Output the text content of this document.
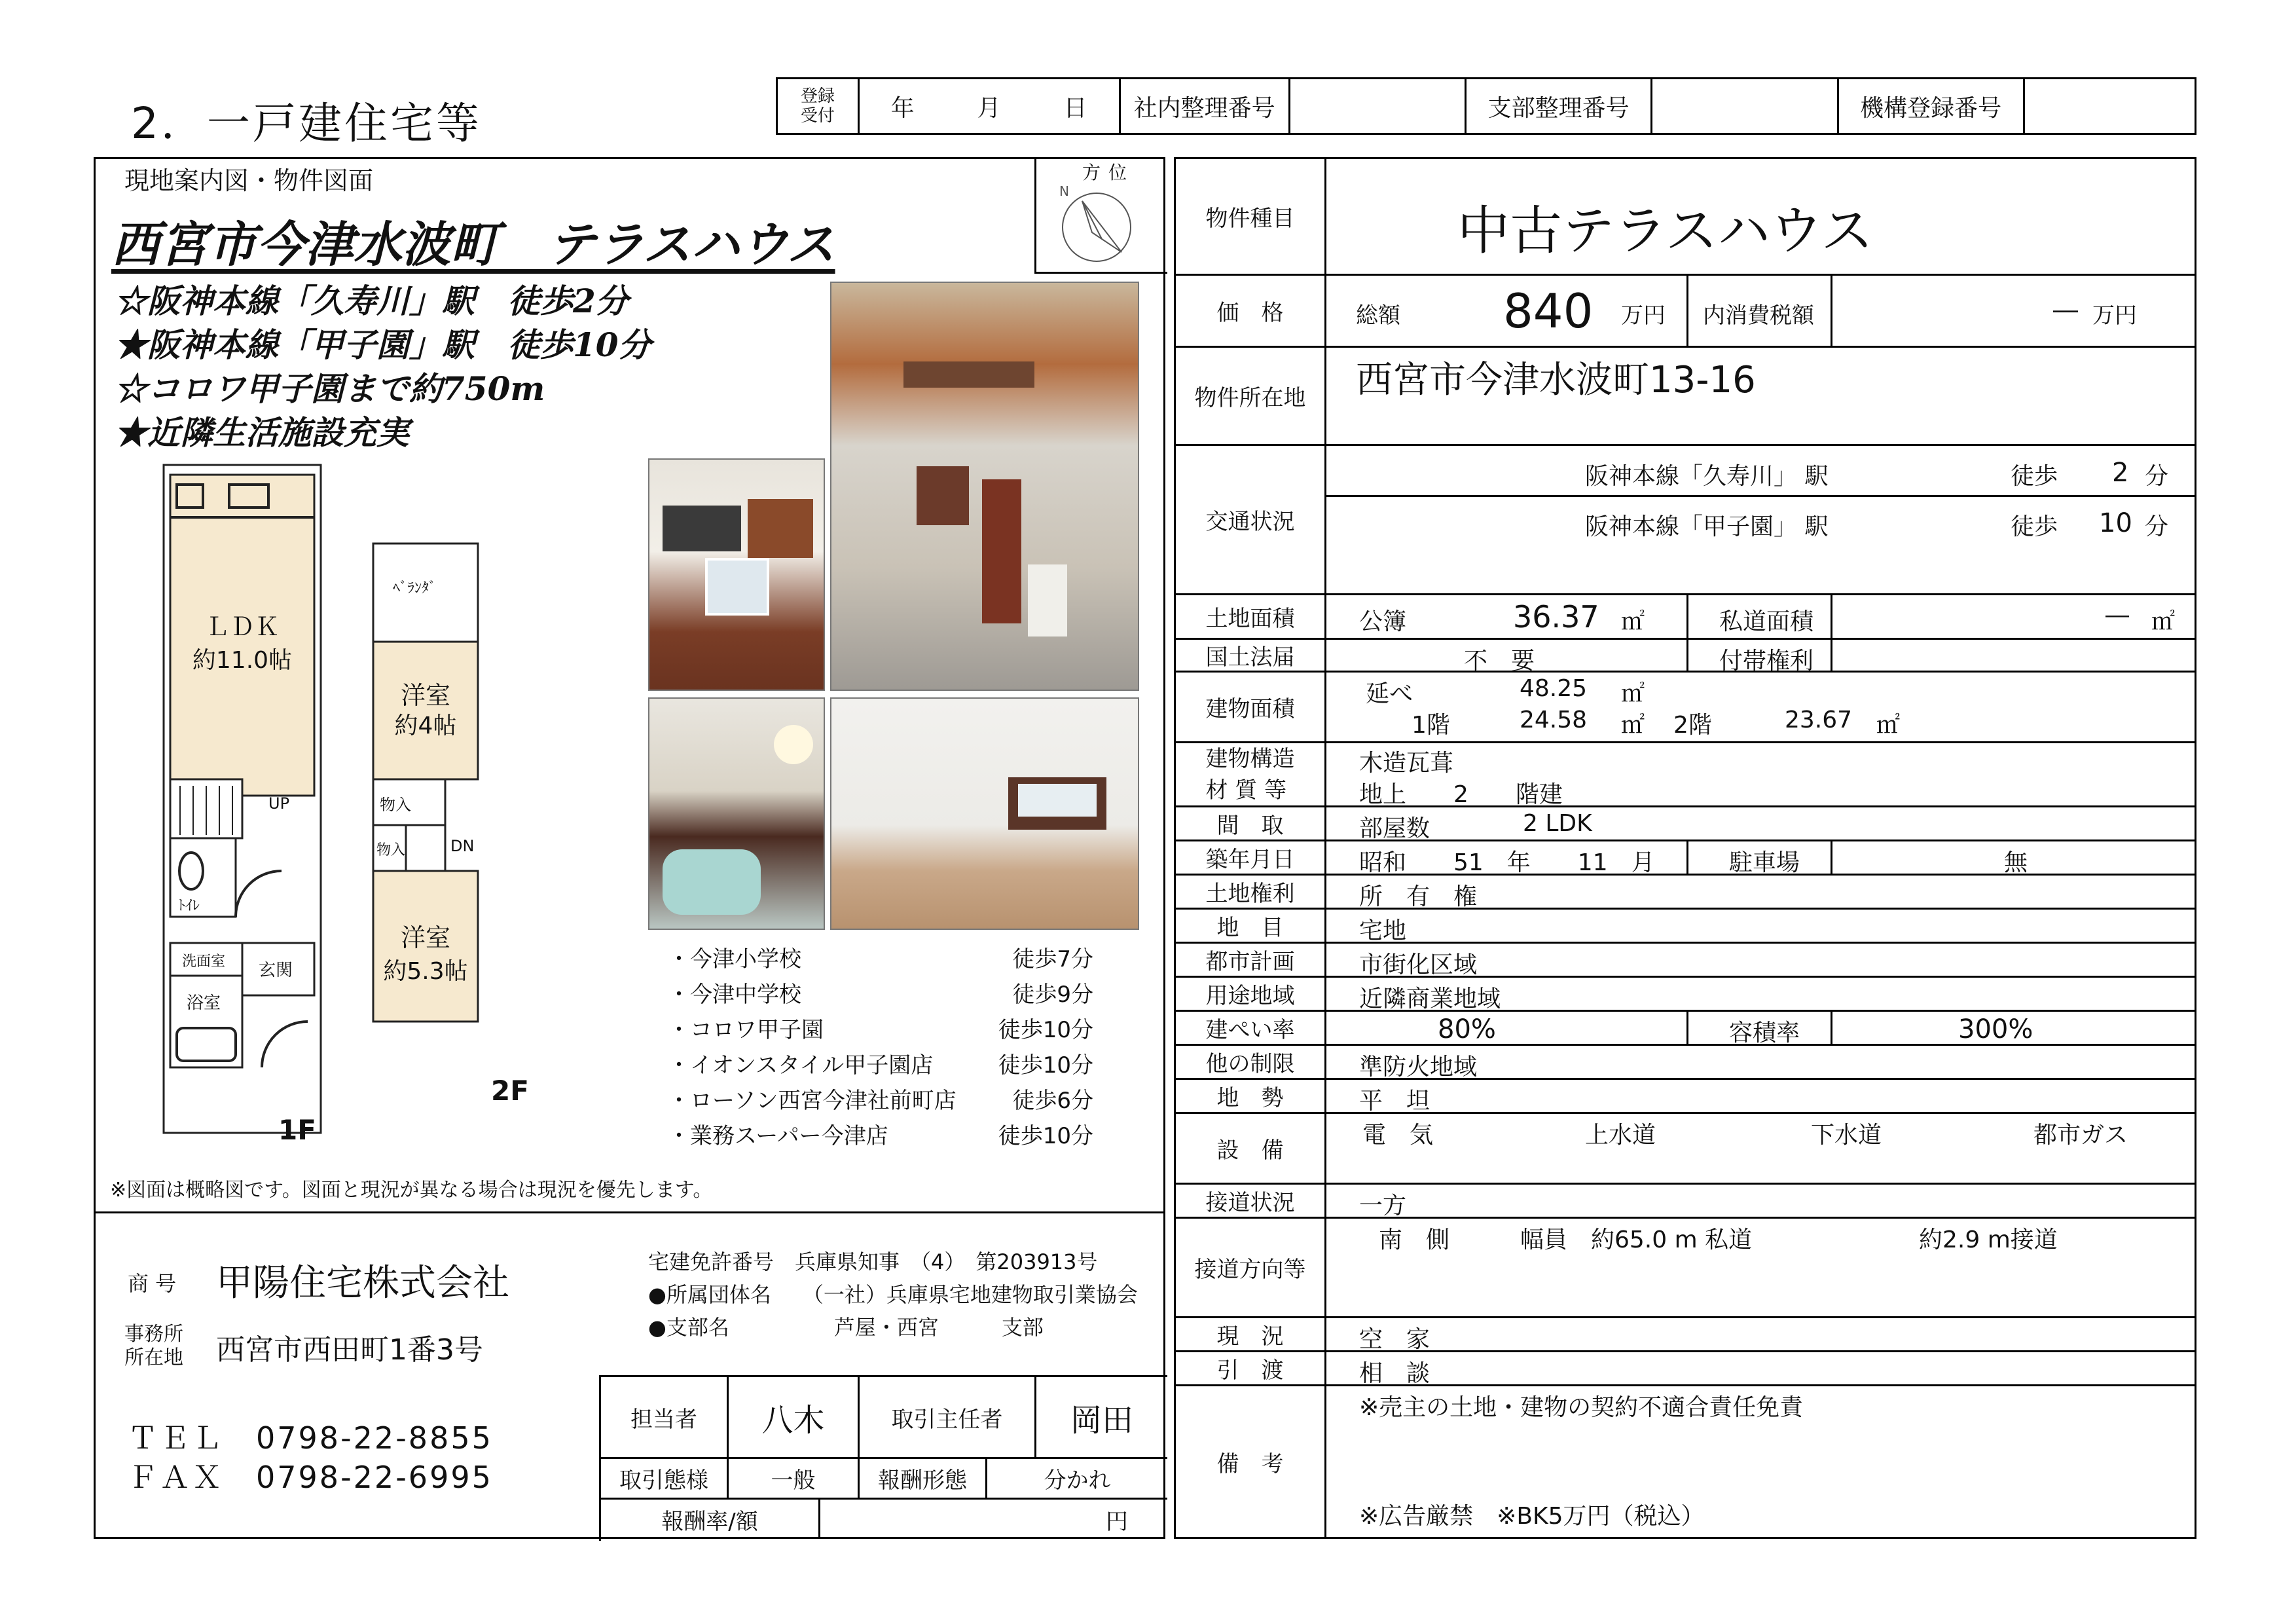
2．一戸建住宅等
登録
受付	年	月	日	社内整理番号	支部整理番号	機構登録番号
現地案内図・物件図面	方位
N
西宮市今津水波町　テラスハウス
☆阪神本線「久寿川」駅　徒歩2分
★阪神本線「甲子園」駅　徒歩10分
☆コロワ甲子園まで約750m
★近隣生活施設充実
ＬＤＫ
約11.0帖
UP
ﾄｲﾚ
洗面室
浴室
玄関
1F
ﾍﾞﾗﾝﾀﾞ
洋室
約4帖
物入
物入	DN
洋室
約5.3帖
2F
・今津小学校	徒歩7分
・今津中学校	徒歩9分
・コロワ甲子園	徒歩10分
・イオンスタイル甲子園店	徒歩10分
・ローソン西宮今津社前町店	徒歩6分
・業務スーパー今津店	徒歩10分
※図面は概略図です。図面と現況が異なる場合は現況を優先します。
商 号 甲陽住宅株式会社
事務所
所在地 西宮市西田町1番3号
ＴＥＬ　0798-22-8855
ＦＡＸ　0798-22-6995
宅建免許番号　兵庫県知事　（4）　第203913号
●所属団体名　　（一社）兵庫県宅地建物取引業協会
●支部名　　　　　芦屋・西宮　　　支部
担当者	八木	取引主任者	岡田
取引態様	一般	報酬形態	分かれ
報酬率/額	円
物件種目	中古テラスハウス
価　格	総額 840 万円 内消費税額	― 万円
物件所在地	西宮市今津水波町13-16
交通状況
阪神本線「久寿川」 駅	徒歩 2 分
阪神本線「甲子園」 駅	徒歩 10 分
土地面積	公簿	36.37 ㎡	私道面積	― ㎡
国土法届	不　要	付帯権利
建物面積
延べ	48.25 ㎡
1階	24.58 ㎡ 2階	23.67 ㎡
建物構造
材 質 等
木造瓦葺
地上　　2　　階建
間　取	部屋数	2 LDK
築年月日	昭和　　51　年　　11　月	駐車場	無
土地権利	所　有　権
地　目	宅地
都市計画	市街化区域
用途地域	近隣商業地域
建ぺい率	80%	容積率	300%
他の制限	準防火地域
地　勢	平　坦
設　備
電　気	上水道	下水道	都市ガス
接道状況	一方
接道方向等
南　側　　　幅員　約65.0 m 私道	約2.9 m接道
現　況	空　家
引　渡	相　談
備　考
※売主の土地・建物の契約不適合責任免責
※広告厳禁　※BK5万円（税込）
